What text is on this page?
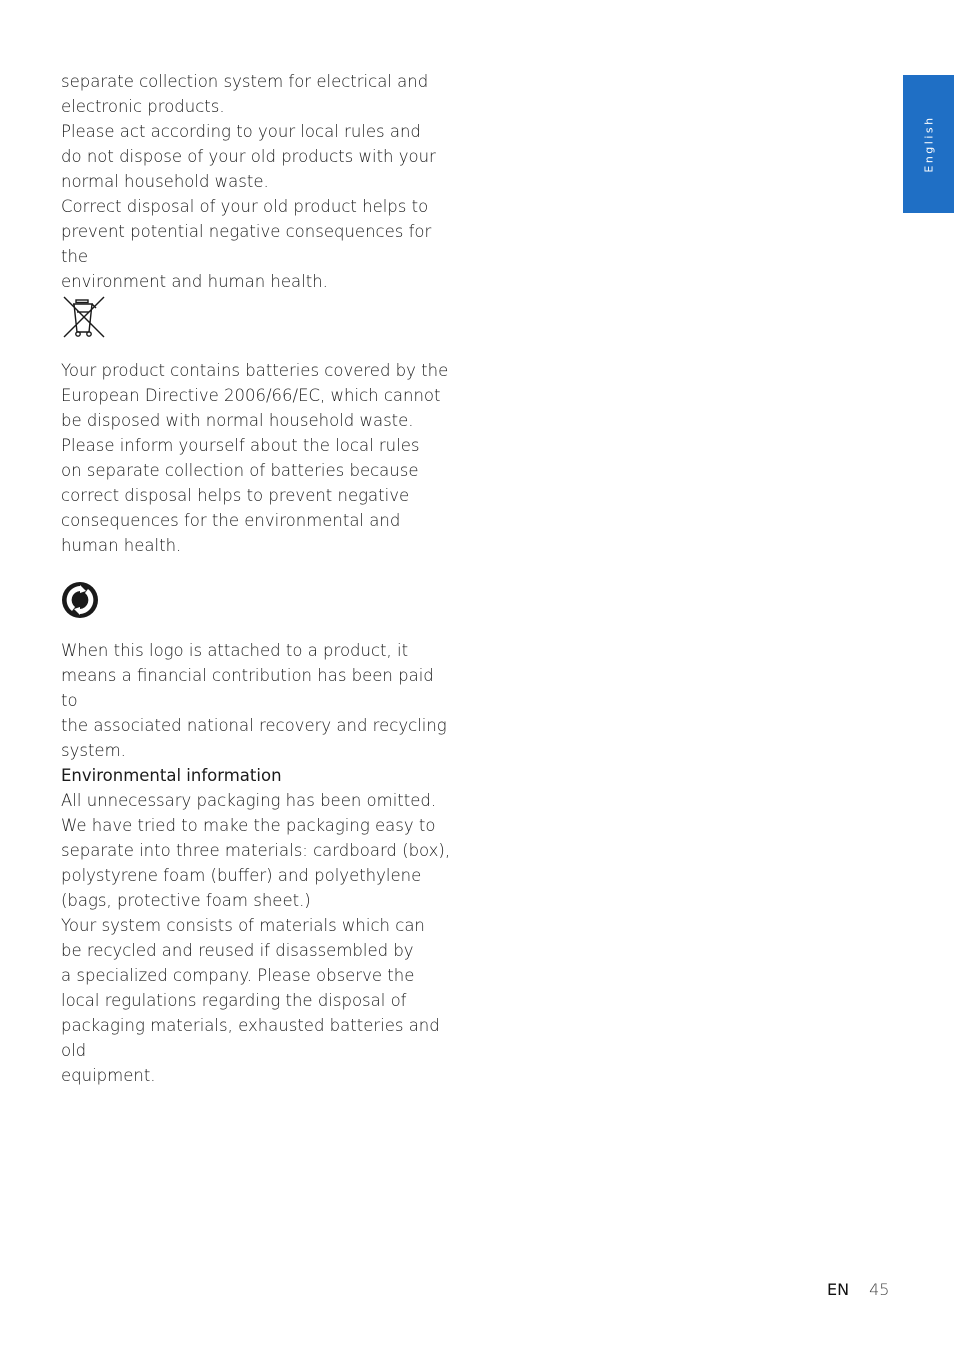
English

separate collection system for electrical and

electronic products.

Please act according to your local rules and

do not dispose of your old products with your

normal household waste.

Correct disposal of your old product helps to

prevent potential negative consequences for the

environment and human health.

Your product contains batteries covered by the

European Directive 2006/66/EC, which cannot

be disposed with normal household waste.

Please inform yourself about the local rules

on separate collection of batteries because

correct disposal helps to prevent negative

consequences for the environmental and

human health.

When this logo is attached to a product, it

means a financial contribution has been paid to

the associated national recovery and recycling

system.

Environmental information

All unnecessary packaging has been omitted.

We have tried to make the packaging easy to

separate into three materials: cardboard (box),

polystyrene foam (buffer) and polyethylene

(bags, protective foam sheet.)

Your system consists of materials which can

be recycled and reused if disassembled by

a specialized company. Please observe the

local regulations regarding the disposal of

packaging materials, exhausted batteries and old

equipment.

EN 45
